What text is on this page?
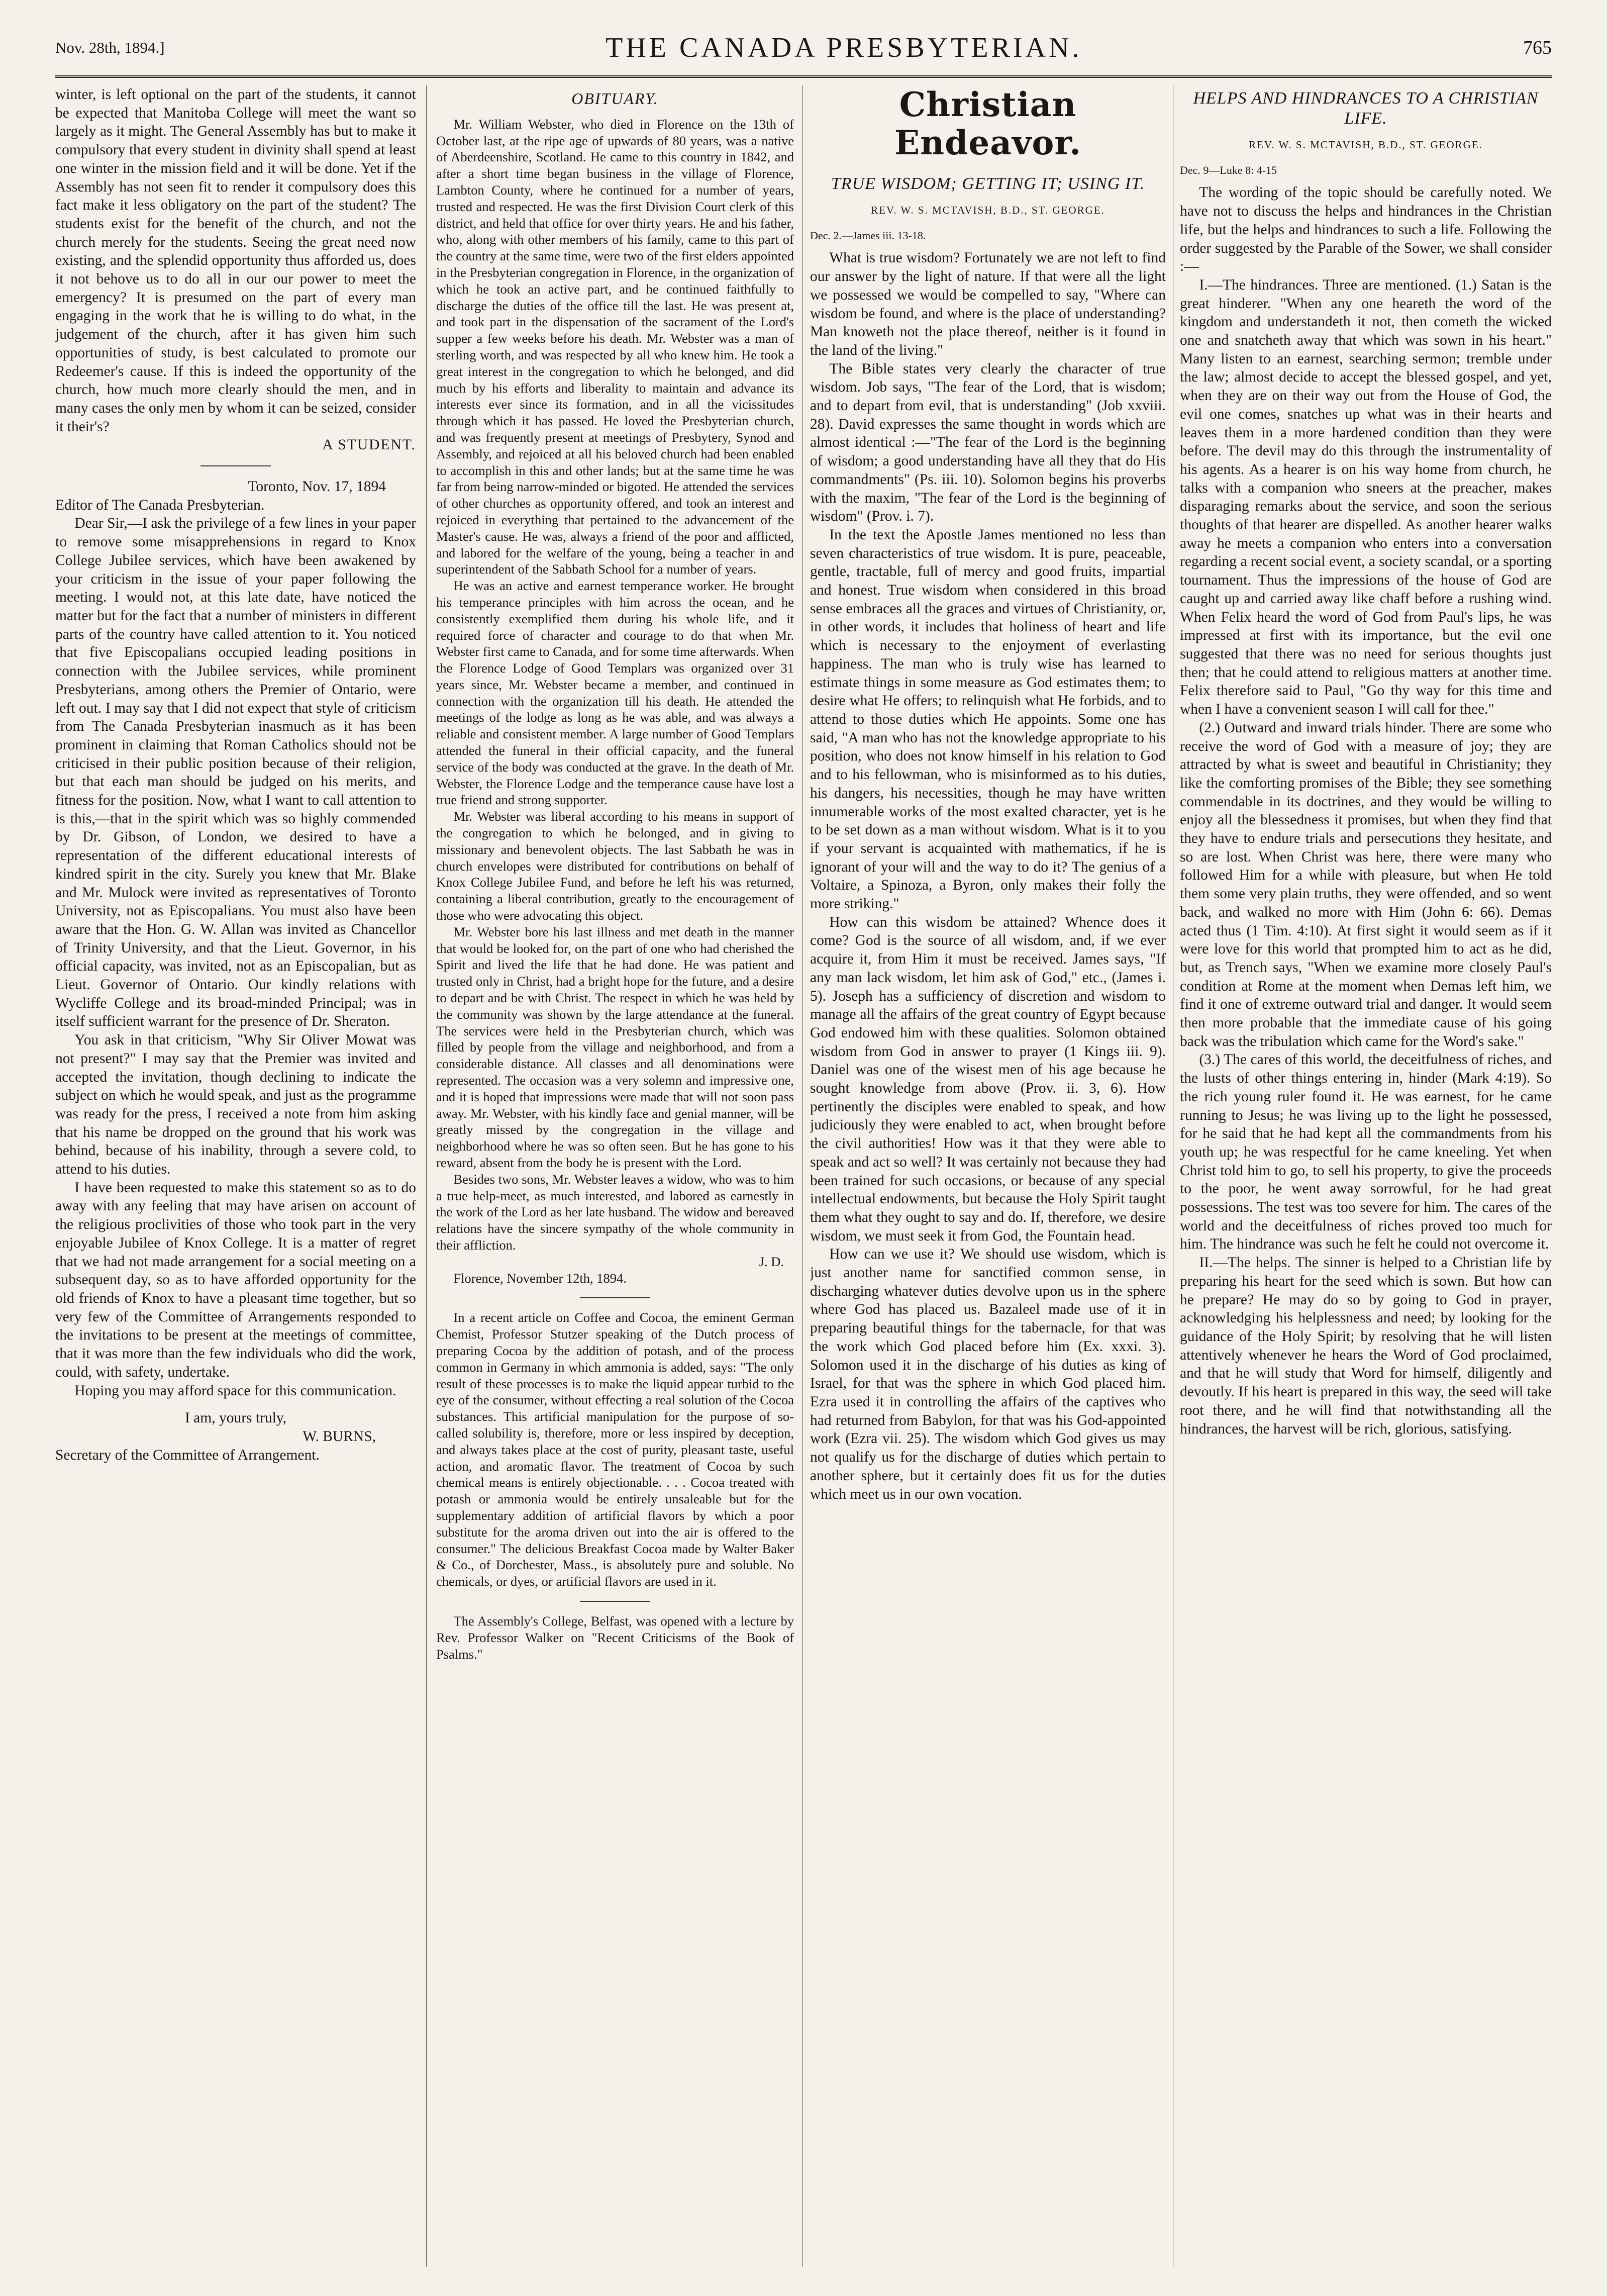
Nov. 28th, 1894.]	THE CANADA PRESBYTERIAN.	765

winter, is left optional on the part of the students, it cannot be expected that Manitoba College will meet the want so largely as it might. The General Assembly has but to make it compulsory that every student in divinity shall spend at least one winter in the mission field and it will be done. Yet if the Assembly has not seen fit to render it compulsory does this fact make it less obligatory on the part of the student? The students exist for the benefit of the church, and not the church merely for the students. Seeing the great need now existing, and the splendid opportunity thus afforded us, does it not behove us to do all in our our power to meet the emergency? It is presumed on the part of every man engaging in the work that he is willing to do what, in the judgement of the church, after it has given him such opportunities of study, is best calculated to promote our Redeemer's cause. If this is indeed the opportunity of the church, how much more clearly should the men, and in many cases the only men by whom it can be seized, consider it their's?

A STUDENT.
Toronto, Nov. 17, 1894
Editor of The Canada Presbyterian.

Dear Sir,—I ask the privilege of a few lines in your paper to remove some misapprehensions in regard to Knox College Jubilee services, which have been awakened by your criticism in the issue of your paper following the meeting. I would not, at this late date, have noticed the matter but for the fact that a number of ministers in different parts of the country have called attention to it. You noticed that five Episcopalians occupied leading positions in connection with the Jubilee services, while prominent Presbyterians, among others the Premier of Ontario, were left out. I may say that I did not expect that style of criticism from The Canada Presbyterian inasmuch as it has been prominent in claiming that Roman Catholics should not be criticised in their public position because of their religion, but that each man should be judged on his merits, and fitness for the position. Now, what I want to call attention to is this,—that in the spirit which was so highly commended by Dr. Gibson, of London, we desired to have a representation of the different educational interests of kindred spirit in the city. Surely you knew that Mr. Blake and Mr. Mulock were invited as representatives of Toronto University, not as Episcopalians. You must also have been aware that the Hon. G. W. Allan was invited as Chancellor of Trinity University, and that the Lieut. Governor, in his official capacity, was invited, not as an Episcopalian, but as Lieut. Governor of Ontario. Our kindly relations with Wycliffe College and its broad-minded Principal; was in itself sufficient warrant for the presence of Dr. Sheraton.

You ask in that criticism, "Why Sir Oliver Mowat was not present?" I may say that the Premier was invited and accepted the invitation, though declining to indicate the subject on which he would speak, and just as the programme was ready for the press, I received a note from him asking that his name be dropped on the ground that his work was behind, because of his inability, through a severe cold, to attend to his duties.

I have been requested to make this statement so as to do away with any feeling that may have arisen on account of the religious proclivities of those who took part in the very enjoyable Jubilee of Knox College. It is a matter of regret that we had not made arrangement for a social meeting on a subsequent day, so as to have afforded opportunity for the old friends of Knox to have a pleasant time together, but so very few of the Committee of Arrangements responded to the invitations to be present at the meetings of committee, that it was more than the few individuals who did the work, could, with safety, undertake.

Hoping you may afford space for this communication.

I am, yours truly,
W. BURNS,
Secretary of the Committee of Arrangement.
OBITUARY.

Mr. William Webster, who died in Florence on the 13th of October last, at the ripe age of upwards of 80 years, was a native of Aberdeenshire, Scotland. He came to this country in 1842, and after a short time began business in the village of Florence, Lambton County, where he continued for a number of years, trusted and respected. He was the first Division Court clerk of this district, and held that office for over thirty years. He and his father, who, along with other members of his family, came to this part of the country at the same time, were two of the first elders appointed in the Presbyterian congregation in Florence, in the organization of which he took an active part, and he continued faithfully to discharge the duties of the office till the last. He was present at, and took part in the dispensation of the sacrament of the Lord's supper a few weeks before his death. Mr. Webster was a man of sterling worth, and was respected by all who knew him. He took a great interest in the congregation to which he belonged, and did much by his efforts and liberality to maintain and advance its interests ever since its formation, and in all the vicissitudes through which it has passed. He loved the Presbyterian church, and was frequently present at meetings of Presbytery, Synod and Assembly, and rejoiced at all his beloved church had been enabled to accomplish in this and other lands; but at the same time he was far from being narrow-minded or bigoted. He attended the services of other churches as opportunity offered, and took an interest and rejoiced in everything that pertained to the advancement of the Master's cause. He was, always a friend of the poor and afflicted, and labored for the welfare of the young, being a teacher in and superintendent of the Sabbath School for a number of years.

He was an active and earnest temperance worker. He brought his temperance principles with him across the ocean, and he consistently exemplified them during his whole life, and it required force of character and courage to do that when Mr. Webster first came to Canada, and for some time afterwards. When the Florence Lodge of Good Templars was organized over 31 years since, Mr. Webster became a member, and continued in connection with the organization till his death. He attended the meetings of the lodge as long as he was able, and was always a reliable and consistent member. A large number of Good Templars attended the funeral in their official capacity, and the funeral service of the body was conducted at the grave. In the death of Mr. Webster, the Florence Lodge and the temperance cause have lost a true friend and strong supporter.

Mr. Webster was liberal according to his means in support of the congregation to which he belonged, and in giving to missionary and benevolent objects. The last Sabbath he was in church envelopes were distributed for contributions on behalf of Knox College Jubilee Fund, and before he left his was returned, containing a liberal contribution, greatly to the encouragement of those who were advocating this object.

Mr. Webster bore his last illness and met death in the manner that would be looked for, on the part of one who had cherished the Spirit and lived the life that he had done. He was patient and trusted only in Christ, had a bright hope for the future, and a desire to depart and be with Christ. The respect in which he was held by the community was shown by the large attendance at the funeral. The services were held in the Presbyterian church, which was filled by people from the village and neighborhood, and from a considerable distance. All classes and all denominations were represented. The occasion was a very solemn and impressive one, and it is hoped that impressions were made that will not soon pass away. Mr. Webster, with his kindly face and genial manner, will be greatly missed by the congregation in the village and neighborhood where he was so often seen. But he has gone to his reward, absent from the body he is present with the Lord.

Besides two sons, Mr. Webster leaves a widow, who was to him a true help-meet, as much interested, and labored as earnestly in the work of the Lord as her late husband. The widow and bereaved relations have the sincere sympathy of the whole community in their affliction.

J. D.

Florence, November 12th, 1894.

In a recent article on Coffee and Cocoa, the eminent German Chemist, Professor Stutzer speaking of the Dutch process of preparing Cocoa by the addition of potash, and of the process common in Germany in which ammonia is added, says: "The only result of these processes is to make the liquid appear turbid to the eye of the consumer, without effecting a real solution of the Cocoa substances. This artificial manipulation for the purpose of so-called solubility is, therefore, more or less inspired by deception, and always takes place at the cost of purity, pleasant taste, useful action, and aromatic flavor. The treatment of Cocoa by such chemical means is entirely objectionable. . . . Cocoa treated with potash or ammonia would be entirely unsaleable but for the supplementary addition of artificial flavors by which a poor substitute for the aroma driven out into the air is offered to the consumer." The delicious Breakfast Cocoa made by Walter Baker & Co., of Dorchester, Mass., is absolutely pure and soluble. No chemicals, or dyes, or artificial flavors are used in it.

The Assembly's College, Belfast, was opened with a lecture by Rev. Professor Walker on "Recent Criticisms of the Book of Psalms."

Christian Endeavor.
TRUE WISDOM; GETTING IT; USING IT.
REV. W. S. MCTAVISH, B.D., ST. GEORGE.
Dec. 2.—James iii. 13-18.

What is true wisdom? Fortunately we are not left to find our answer by the light of nature. If that were all the light we possessed we would be compelled to say, "Where can wisdom be found, and where is the place of understanding? Man knoweth not the place thereof, neither is it found in the land of the living."

The Bible states very clearly the character of true wisdom. Job says, "The fear of the Lord, that is wisdom; and to depart from evil, that is understanding" (Job xxviii. 28). David expresses the same thought in words which are almost identical :—"The fear of the Lord is the beginning of wisdom; a good understanding have all they that do His commandments" (Ps. iii. 10). Solomon begins his proverbs with the maxim, "The fear of the Lord is the beginning of wisdom" (Prov. i. 7).

In the text the Apostle James mentioned no less than seven characteristics of true wisdom. It is pure, peaceable, gentle, tractable, full of mercy and good fruits, impartial and honest. True wisdom when considered in this broad sense embraces all the graces and virtues of Christianity, or, in other words, it includes that holiness of heart and life which is necessary to the enjoyment of everlasting happiness. The man who is truly wise has learned to estimate things in some measure as God estimates them; to desire what He offers; to relinquish what He forbids, and to attend to those duties which He appoints. Some one has said, "A man who has not the knowledge appropriate to his position, who does not know himself in his relation to God and to his fellowman, who is misinformed as to his duties, his dangers, his necessities, though he may have written innumerable works of the most exalted character, yet is he to be set down as a man without wisdom. What is it to you if your servant is acquainted with mathematics, if he is ignorant of your will and the way to do it? The genius of a Voltaire, a Spinoza, a Byron, only makes their folly the more striking."

How can this wisdom be attained? Whence does it come? God is the source of all wisdom, and, if we ever acquire it, from Him it must be received. James says, "If any man lack wisdom, let him ask of God," etc., (James i. 5). Joseph has a sufficiency of discretion and wisdom to manage all the affairs of the great country of Egypt because God endowed him with these qualities. Solomon obtained wisdom from God in answer to prayer (1 Kings iii. 9). Daniel was one of the wisest men of his age because he sought knowledge from above (Prov. ii. 3, 6). How pertinently the disciples were enabled to speak, and how judiciously they were enabled to act, when brought before the civil authorities! How was it that they were able to speak and act so well? It was certainly not because they had been trained for such occasions, or because of any special intellectual endowments, but because the Holy Spirit taught them what they ought to say and do. If, therefore, we desire wisdom, we must seek it from God, the Fountain head.

How can we use it? We should use wisdom, which is just another name for sanctified common sense, in discharging whatever duties devolve upon us in the sphere where God has placed us. Bazaleel made use of it in preparing beautiful things for the tabernacle, for that was the work which God placed before him (Ex. xxxi. 3). Solomon used it in the discharge of his duties as king of Israel, for that was the sphere in which God placed him. Ezra used it in controlling the affairs of the captives who had returned from Babylon, for that was his God-appointed work (Ezra vii. 25). The wisdom which God gives us may not qualify us for the discharge of duties which pertain to another sphere, but it certainly does fit us for the duties which meet us in our own vocation.

HELPS AND HINDRANCES TO A CHRISTIAN LIFE.
REV. W. S. MCTAVISH, B.D., ST. GEORGE.
Dec. 9—Luke 8: 4-15

The wording of the topic should be carefully noted. We have not to discuss the helps and hindrances in the Christian life, but the helps and hindrances to such a life. Following the order suggested by the Parable of the Sower, we shall consider :—

I.—The hindrances. Three are mentioned. (1.) Satan is the great hinderer. "When any one heareth the word of the kingdom and understandeth it not, then cometh the wicked one and snatcheth away that which was sown in his heart." Many listen to an earnest, searching sermon; tremble under the law; almost decide to accept the blessed gospel, and yet, when they are on their way out from the House of God, the evil one comes, snatches up what was in their hearts and leaves them in a more hardened condition than they were before. The devil may do this through the instrumentality of his agents. As a hearer is on his way home from church, he talks with a companion who sneers at the preacher, makes disparaging remarks about the service, and soon the serious thoughts of that hearer are dispelled. As another hearer walks away he meets a companion who enters into a conversation regarding a recent social event, a society scandal, or a sporting tournament. Thus the impressions of the house of God are caught up and carried away like chaff before a rushing wind. When Felix heard the word of God from Paul's lips, he was impressed at first with its importance, but the evil one suggested that there was no need for serious thoughts just then; that he could attend to religious matters at another time. Felix therefore said to Paul, "Go thy way for this time and when I have a convenient season I will call for thee."

(2.) Outward and inward trials hinder. There are some who receive the word of God with a measure of joy; they are attracted by what is sweet and beautiful in Christianity; they like the comforting promises of the Bible; they see something commendable in its doctrines, and they would be willing to enjoy all the blessedness it promises, but when they find that they have to endure trials and persecutions they hesitate, and so are lost. When Christ was here, there were many who followed Him for a while with pleasure, but when He told them some very plain truths, they were offended, and so went back, and walked no more with Him (John 6: 66). Demas acted thus (1 Tim. 4:10). At first sight it would seem as if it were love for this world that prompted him to act as he did, but, as Trench says, "When we examine more closely Paul's condition at Rome at the moment when Demas left him, we find it one of extreme outward trial and danger. It would seem then more probable that the immediate cause of his going back was the tribulation which came for the Word's sake."

(3.) The cares of this world, the deceitfulness of riches, and the lusts of other things entering in, hinder (Mark 4:19). So the rich young ruler found it. He was earnest, for he came running to Jesus; he was living up to the light he possessed, for he said that he had kept all the commandments from his youth up; he was respectful for he came kneeling. Yet when Christ told him to go, to sell his property, to give the proceeds to the poor, he went away sorrowful, for he had great possessions. The test was too severe for him. The cares of the world and the deceitfulness of riches proved too much for him. The hindrance was such he felt he could not overcome it.

II.—The helps. The sinner is helped to a Christian life by preparing his heart for the seed which is sown. But how can he prepare? He may do so by going to God in prayer, acknowledging his helplessness and need; by looking for the guidance of the Holy Spirit; by resolving that he will listen attentively whenever he hears the Word of God proclaimed, and that he will study that Word for himself, diligently and devoutly. If his heart is prepared in this way, the seed will take root there, and he will find that notwithstanding all the hindrances, the harvest will be rich, glorious, satisfying.
